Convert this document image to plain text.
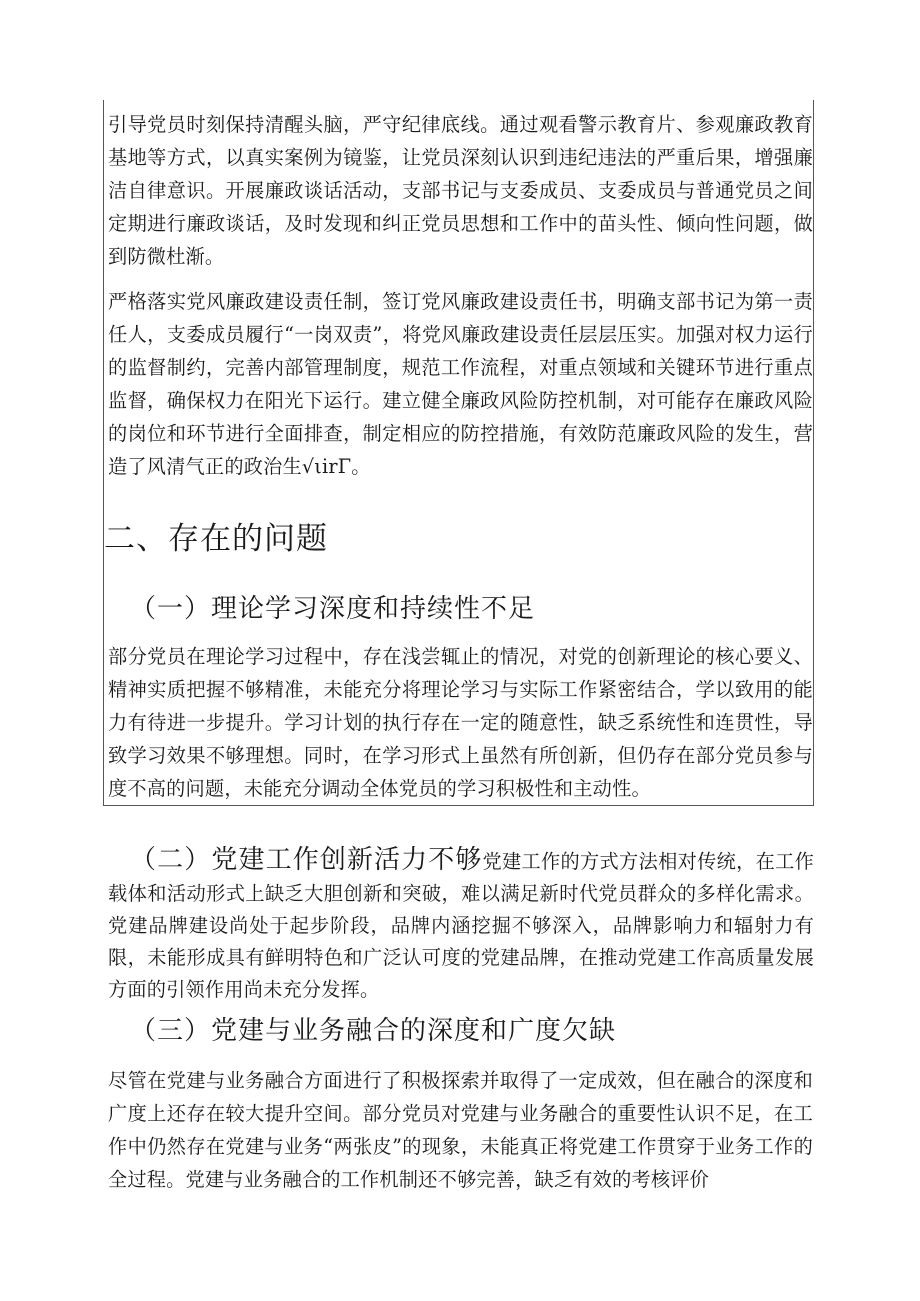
引导党员时刻保持清醒头脑，严守纪律底线。通过观看警示教育片、参观廉政教育基地等方式，以真实案例为镜鉴，让党员深刻认识到违纪违法的严重后果，增强廉洁自律意识。开展廉政谈话活动，支部书记与支委成员、支委成员与普通党员之间定期进行廉政谈话，及时发现和纠正党员思想和工作中的苗头性、倾向性问题，做到防微杜渐。

严格落实党风廉政建设责任制，签订党风廉政建设责任书，明确支部书记为第一责任人，支委成员履行“一岗双责”，将党风廉政建设责任层层压实。加强对权力运行的监督制约，完善内部管理制度，规范工作流程，对重点领域和关键环节进行重点监督，确保权力在阳光下运行。建立健全廉政风险防控机制，对可能存在廉政风险的岗位和环节进行全面排查，制定相应的防控措施，有效防范廉政风险的发生，营造了风清气正的政治生√ιirΓ。

二、存在的问题
（一）理论学习深度和持续性不足

部分党员在理论学习过程中，存在浅尝辄止的情况，对党的创新理论的核心要义、精神实质把握不够精准，未能充分将理论学习与实际工作紧密结合，学以致用的能力有待进一步提升。学习计划的执行存在一定的随意性，缺乏系统性和连贯性，导致学习效果不够理想。同时，在学习形式上虽然有所创新，但仍存在部分党员参与度不高的问题，未能充分调动全体党员的学习积极性和主动性。

（二）党建工作创新活力不够党建工作的方式方法相对传统，在工作载体和活动形式上缺乏大胆创新和突破，难以满足新时代党员群众的多样化需求。党建品牌建设尚处于起步阶段，品牌内涵挖掘不够深入，品牌影响力和辐射力有限，未能形成具有鲜明特色和广泛认可度的党建品牌，在推动党建工作高质量发展方面的引领作用尚未充分发挥。
（三）党建与业务融合的深度和广度欠缺

尽管在党建与业务融合方面进行了积极探索并取得了一定成效，但在融合的深度和广度上还存在较大提升空间。部分党员对党建与业务融合的重要性认识不足，在工作中仍然存在党建与业务“两张皮”的现象，未能真正将党建工作贯穿于业务工作的全过程。党建与业务融合的工作机制还不够完善，缺乏有效的考核评价
